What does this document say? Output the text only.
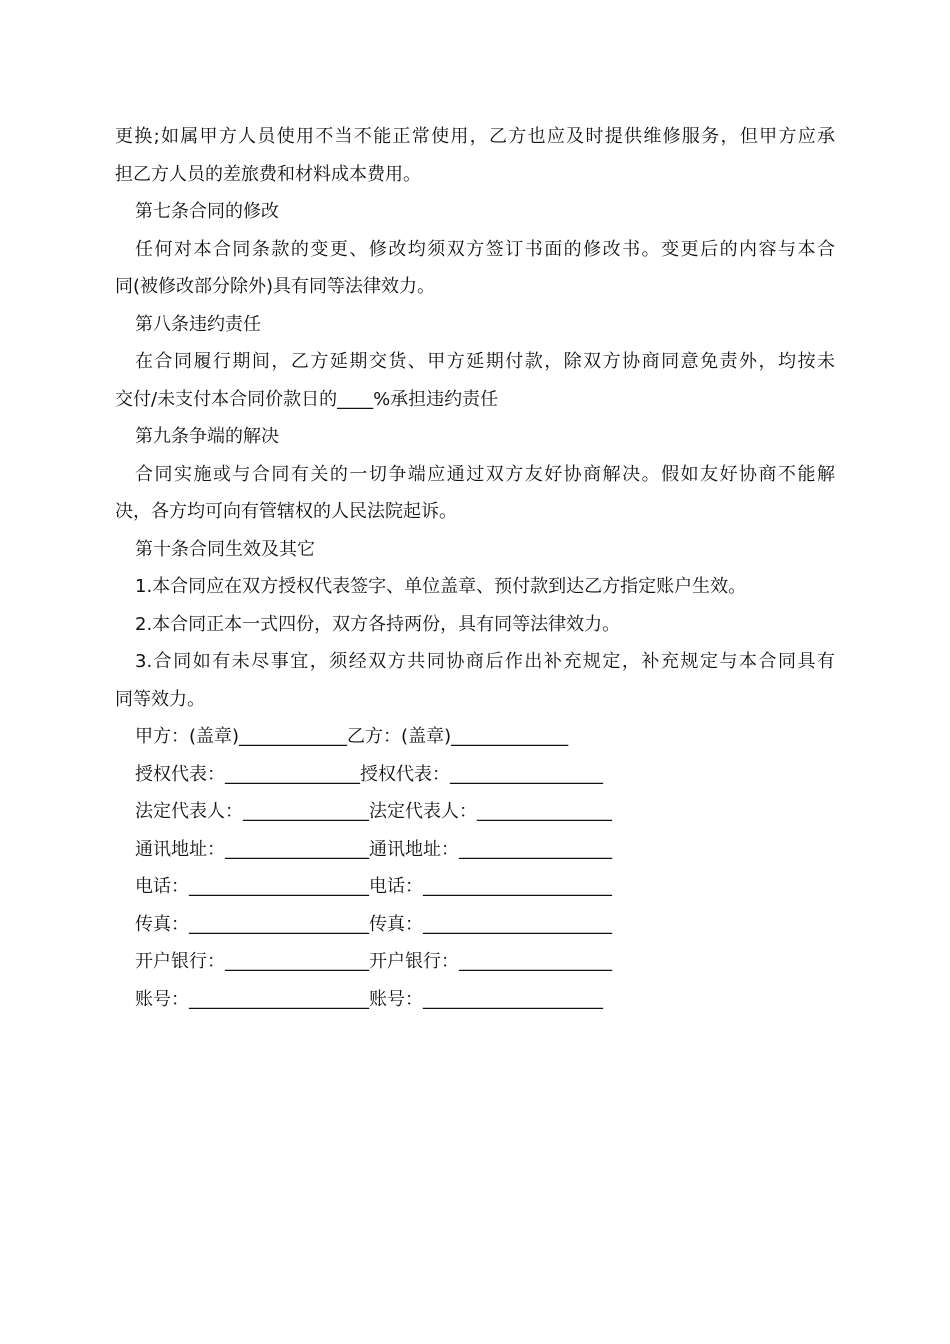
更换;如属甲方人员使用不当不能正常使用，乙方也应及时提供维修服务，但甲方应承
担乙方人员的差旅费和材料成本费用。
第七条合同的修改
任何对本合同条款的变更、修改均须双方签订书面的修改书。变更后的内容与本合
同(被修改部分除外)具有同等法律效力。
第八条违约责任
在合同履行期间，乙方延期交货、甲方延期付款，除双方协商同意免责外，均按未
交付/未支付本合同价款日的____%承担违约责任
第九条争端的解决
合同实施或与合同有关的一切争端应通过双方友好协商解决。假如友好协商不能解
决，各方均可向有管辖权的人民法院起诉。
第十条合同生效及其它
1.本合同应在双方授权代表签字、单位盖章、预付款到达乙方指定账户生效。
2.本合同正本一式四份，双方各持两份，具有同等法律效力。
3.合同如有未尽事宜，须经双方共同协商后作出补充规定，补充规定与本合同具有
同等效力。
甲方：(盖章)____________乙方：(盖章)_____________
授权代表：_______________授权代表：_________________
法定代表人：______________法定代表人：_______________
通讯地址：________________通讯地址：_________________
电话：____________________电话：_____________________
传真：____________________传真：_____________________
开户银行：________________开户银行：_________________
账号：____________________账号：____________________
